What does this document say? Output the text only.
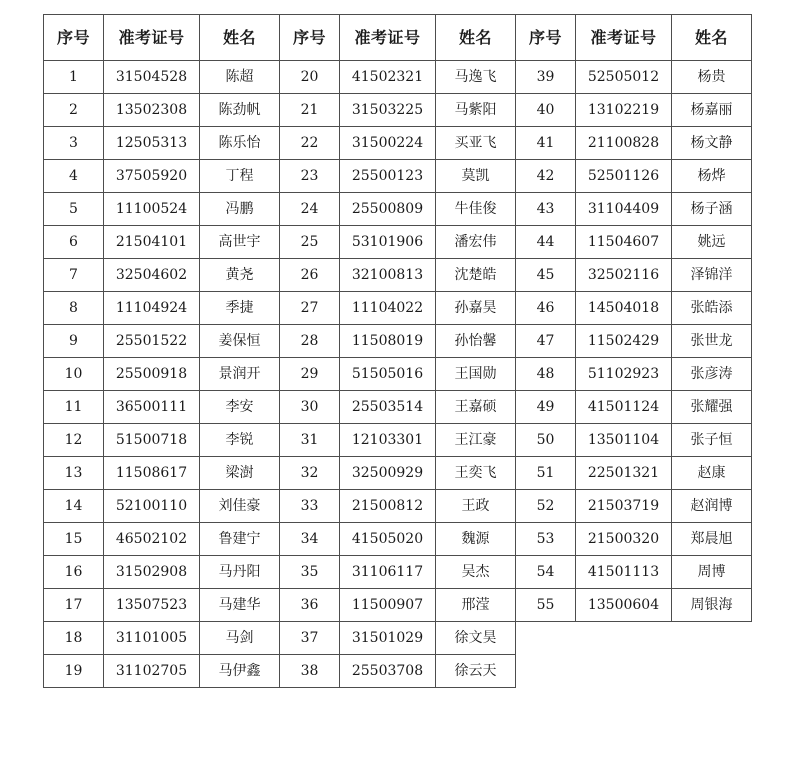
序号	准考证号	姓名	序号	准考证号	姓名	序号	准考证号	姓名
1	31504528	陈超	20	41502321	马逸飞	39	52505012	杨贵
2	13502308	陈劲帆	21	31503225	马紫阳	40	13102219	杨嘉丽
3	12505313	陈乐怡	22	31500224	买亚飞	41	21100828	杨文静
4	37505920	丁程	23	25500123	莫凯	42	52501126	杨烨
5	11100524	冯鹏	24	25500809	牛佳俊	43	31104409	杨子涵
6	21504101	高世宇	25	53101906	潘宏伟	44	11504607	姚远
7	32504602	黄尧	26	32100813	沈楚皓	45	32502116	泽锦洋
8	11104924	季捷	27	11104022	孙嘉昊	46	14504018	张皓添
9	25501522	姜保恒	28	11508019	孙怡馨	47	11502429	张世龙
10	25500918	景润开	29	51505016	王国勋	48	51102923	张彦涛
11	36500111	李安	30	25503514	王嘉硕	49	41501124	张耀强
12	51500718	李锐	31	12103301	王江豪	50	13501104	张子恒
13	11508617	梁澍	32	32500929	王奕飞	51	22501321	赵康
14	52100110	刘佳豪	33	21500812	王政	52	21503719	赵润博
15	46502102	鲁建宁	34	41505020	魏源	53	21500320	郑晨旭
16	31502908	马丹阳	35	31106117	吴杰	54	41501113	周博
17	13507523	马建华	36	11500907	邢滢	55	13500604	周银海
18	31101005	马剑	37	31501029	徐文昊			
19	31102705	马伊鑫	38	25503708	徐云天			
